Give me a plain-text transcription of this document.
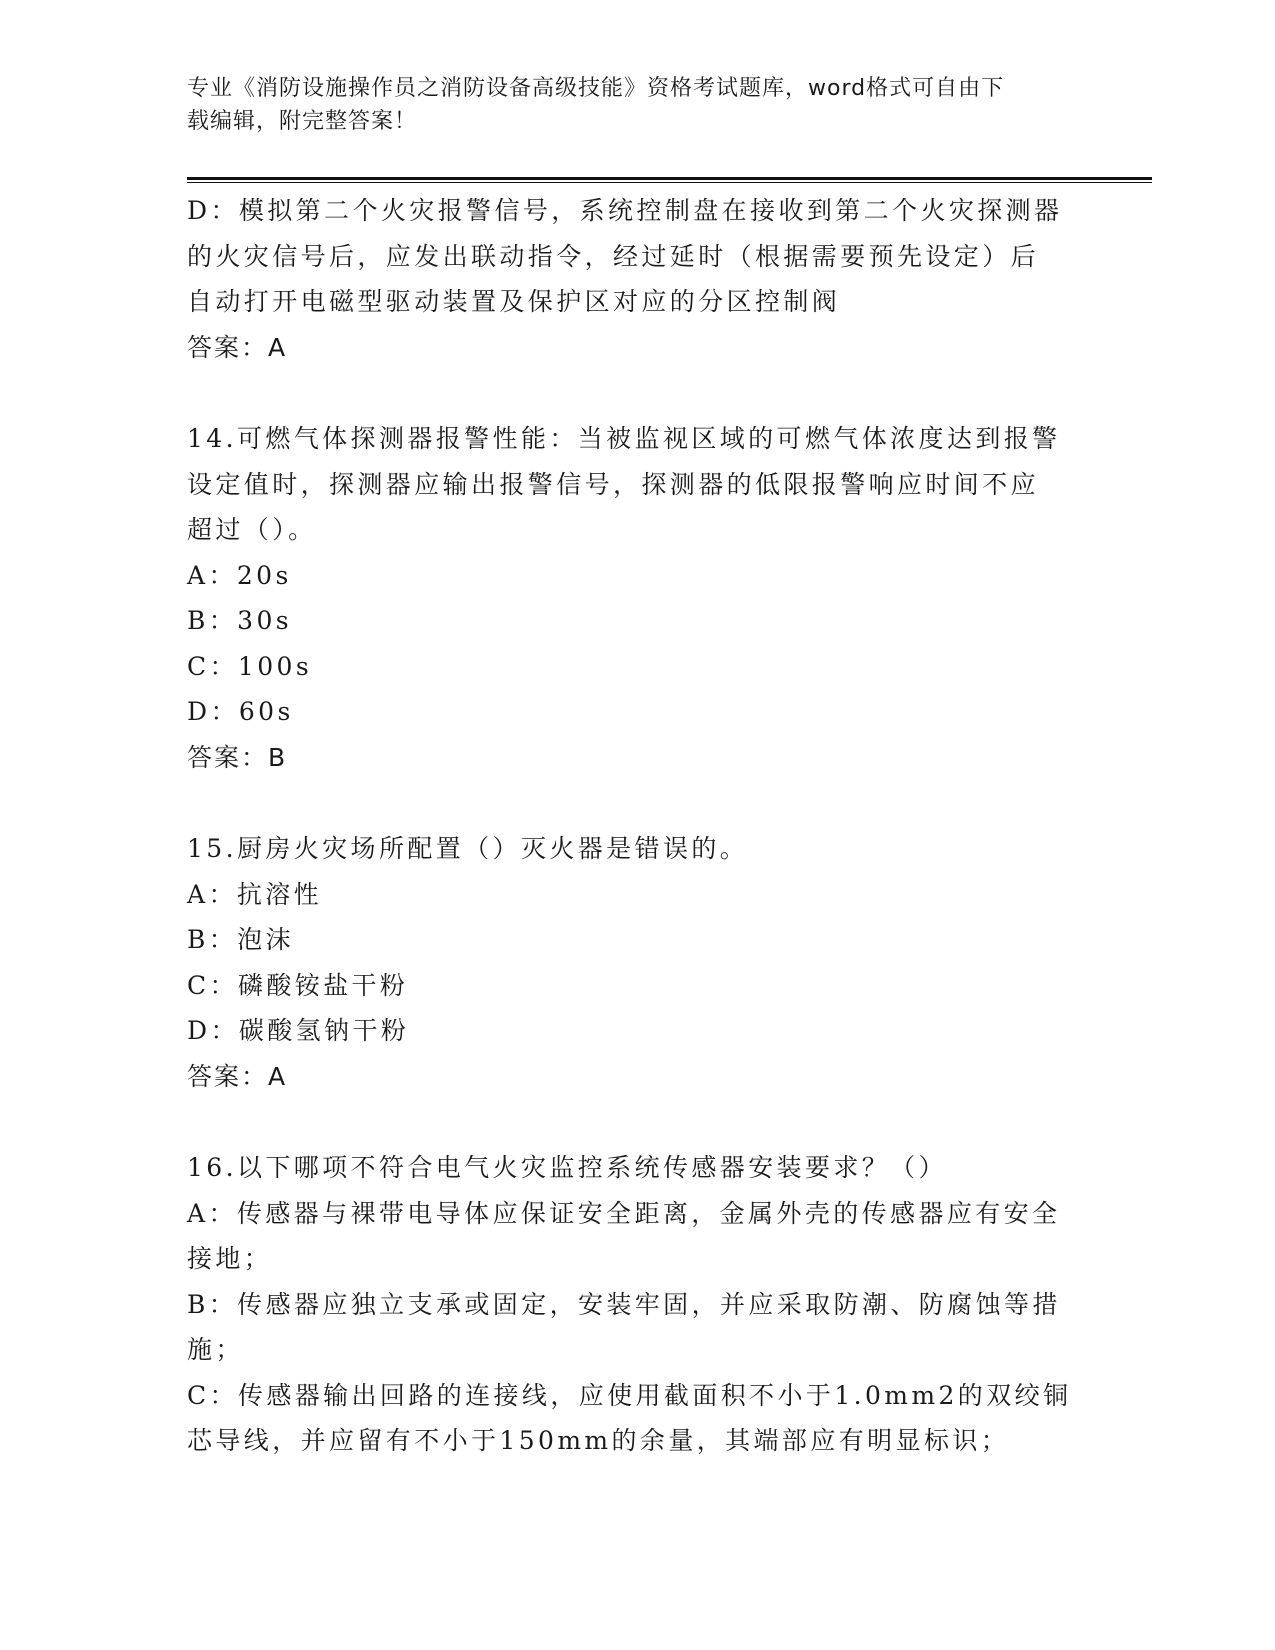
专业《消防设施操作员之消防设备高级技能》资格考试题库，word格式可自由下
载编辑，附完整答案！
D：模拟第二个火灾报警信号，系统控制盘在接收到第二个火灾探测器
的火灾信号后，应发出联动指令，经过延时（根据需要预先设定）后
自动打开电磁型驱动装置及保护区对应的分区控制阀
答案：A
14.可燃气体探测器报警性能：当被监视区域的可燃气体浓度达到报警
设定值时，探测器应输出报警信号，探测器的低限报警响应时间不应
超过（）。
A：20s
B：30s
C：100s
D：60s
答案：B
15.厨房火灾场所配置（）灭火器是错误的。
A：抗溶性
B：泡沫
C：磷酸铵盐干粉
D：碳酸氢钠干粉
答案：A
16.以下哪项不符合电气火灾监控系统传感器安装要求？（）
A：传感器与裸带电导体应保证安全距离，金属外壳的传感器应有安全
接地；
B：传感器应独立支承或固定，安装牢固，并应采取防潮、防腐蚀等措
施；
C：传感器输出回路的连接线，应使用截面积不小于1.0mm2的双绞铜
芯导线，并应留有不小于150mm的余量，其端部应有明显标识；
